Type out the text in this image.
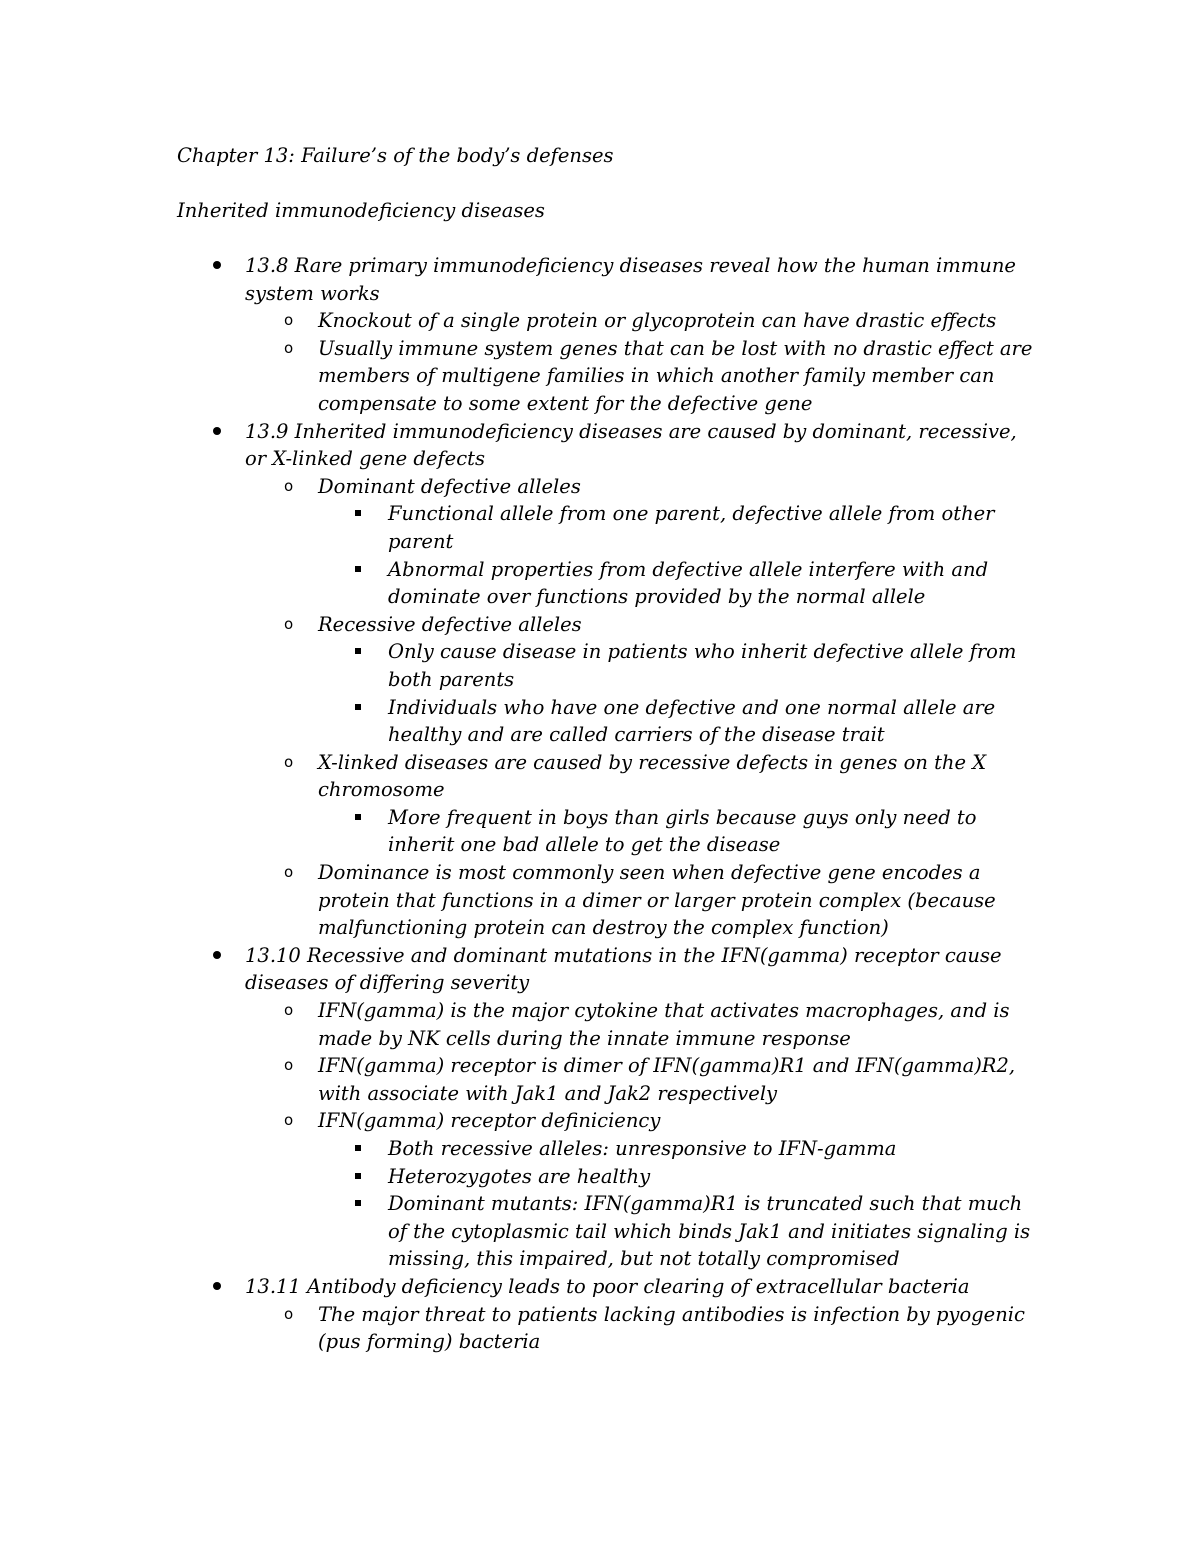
Chapter 13: Failure’s of the body’s defenses
Inherited immunodeficiency diseases
13.8 Rare primary immunodeficiency diseases reveal how the human immune system works
o Knockout of a single protein or glycoprotein can have drastic effects
o Usually immune system genes that can be lost with no drastic effect are members of multigene families in which another family member can compensate to some extent for the defective gene
13.9 Inherited immunodeficiency diseases are caused by dominant, recessive, or X-linked gene defects
o Dominant defective alleles
Functional allele from one parent, defective allele from other parent
Abnormal properties from defective allele interfere with and dominate over functions provided by the normal allele
o Recessive defective alleles
Only cause disease in patients who inherit defective allele from both parents
Individuals who have one defective and one normal allele are healthy and are called carriers of the disease trait
o X-linked diseases are caused by recessive defects in genes on the X chromosome
More frequent in boys than girls because guys only need to inherit one bad allele to get the disease
o Dominance is most commonly seen when defective gene encodes a protein that functions in a dimer or larger protein complex (because malfunctioning protein can destroy the complex function)
13.10 Recessive and dominant mutations in the IFN(gamma) receptor cause diseases of differing severity
o IFN(gamma) is the major cytokine that activates macrophages, and is made by NK cells during the innate immune response
o IFN(gamma) receptor is dimer of IFN(gamma)R1 and IFN(gamma)R2, with associate with Jak1 and Jak2 respectively
o IFN(gamma) receptor definiciency
Both recessive alleles: unresponsive to IFN-gamma
Heterozygotes are healthy
Dominant mutants: IFN(gamma)R1 is truncated such that much of the cytoplasmic tail which binds Jak1 and initiates signaling is missing, this impaired, but not totally compromised
13.11 Antibody deficiency leads to poor clearing of extracellular bacteria
o The major threat to patients lacking antibodies is infection by pyogenic (pus forming) bacteria
